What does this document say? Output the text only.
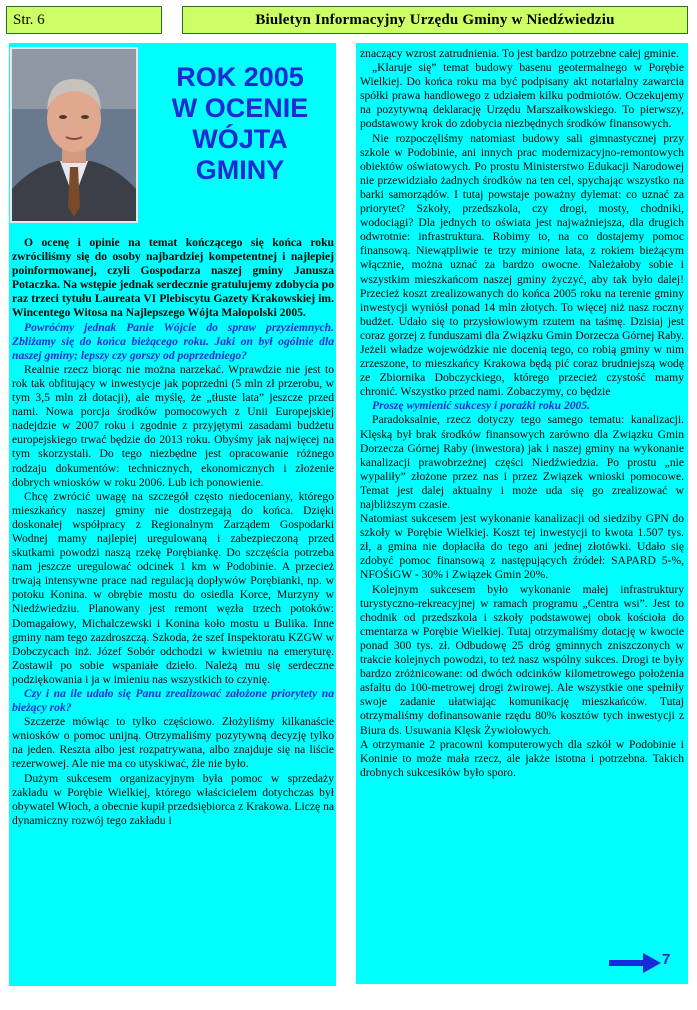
Str. 6	Biuletyn Informacyjny Urzędu Gminy w Niedźwiedziu
ROK 2005
W OCENIE
WÓJTA
GMINY

O ocenę i opinie na temat kończącego się końca roku zwróciliśmy się do osoby najbardziej kompetentnej i najlepiej poinformowanej, czyli Gospodarza naszej gminy Janusza Potaczka. Na wstępie jednak serdecznie gratulujemy zdobycia po raz trzeci tytułu Laureata VI Plebiscytu Gazety Krakowskiej im. Wincentego Witosa na Najlepszego Wójta Małopolski 2005.

Powróćmy jednak Panie Wójcie do spraw przyziemnych. Zbliżamy się do końca bieżącego roku. Jaki on był ogólnie dla naszej gminy; lepszy czy gorszy od poprzedniego?

Realnie rzecz biorąc nie można narzekać. Wprawdzie nie jest to rok tak obfitujący w inwestycje jak poprzedni (5 mln zł przerobu, w tym 3,5 mln zł dotacji), ale myślę, że „tłuste lata” jeszcze przed nami. Nowa porcja środków pomocowych z Unii Europejskiej nadejdzie w 2007 roku i zgodnie z przyjętymi zasadami budżetu europejskiego trwać będzie do 2013 roku. Obyśmy jak najwięcej na tym skorzystali. Do tego niezbędne jest opracowanie różnego rodzaju dokumentów: technicznych, ekonomicznych i złożenie dobrych wniosków w roku 2006. Lub ich ponowienie.

Chcę zwrócić uwagę na szczegół często niedoceniany, którego mieszkańcy naszej gminy nie dostrzegają do końca. Dzięki doskonałej współpracy z Regionalnym Zarządem Gospodarki Wodnej mamy najlepiej uregulowaną i zabezpieczoną przed skutkami powodzi naszą rzekę Porębiankę. Do szczęścia potrzeba nam jeszcze uregulować odcinek 1 km w Podobinie. A przecież trwają intensywne prace nad regulacją dopływów Porębianki, np. w potoku Konina. w obrębie mostu do osiedla Korce, Murzyny w Niedźwiedziu. Planowany jest remont węzła trzech potoków: Domagałowy, Michalczewski i Konina koło mostu u Bulika. Inne gminy nam tego zazdroszczą. Szkoda, że szef Inspektoratu KZGW w Dobczycach inż. Józef Sobór odchodzi w kwietniu na emeryturę. Zostawił po sobie wspaniałe dzieło. Należą mu się serdeczne podziękowania i ja w imieniu nas wszystkich to czynię.

Czy i na ile udało się Panu zrealizować założone priorytety na bieżący rok?

Szczerze mówiąc to tylko częściowo. Złożyliśmy kilkanaście wniosków o pomoc unijną. Otrzymaliśmy pozytywną decyzję tylko na jeden. Reszta albo jest rozpatrywana, albo znajduje się na liście rezerwowej. Ale nie ma co utyskiwać, źle nie było.

Dużym sukcesem organizacyjnym była pomoc w sprzedaży zakładu w Porębie Wielkiej, którego właścicielem dotychczas był obywatel Włoch, a obecnie kupił przedsiębiorca z Krakowa. Liczę na dynamiczny rozwój tego zakładu i

znaczący wzrost zatrudnienia. To jest bardzo potrzebne całej gminie.

„Klaruje się” temat budowy basenu geotermalnego w Porębie Wielkiej. Do końca roku ma być podpisany akt notarialny zawarcia spółki prawa handlowego z udziałem kilku podmiotów. Oczekujemy na pozytywną deklarację Urzędu Marszałkowskiego. To pierwszy, podstawowy krok do zdobycia niezbędnych środków finansowych.

Nie rozpoczęliśmy natomiast budowy sali gimnastycznej przy szkole w Podobinie, ani innych prac modernizacyjno-remontowych obiektów oświatowych. Po prostu Ministerstwo Edukacji Narodowej nie przewidziało żadnych środków na ten cel, spychając wszystko na barki samorządów. I tutaj powstaje poważny dylemat: co uznać za priorytet? Szkoły, przedszkola, czy drogi, mosty, chodniki, wodociągi? Dla jednych to oświata jest najważniejsza, dla drugich odwrotnie: infrastruktura. Robimy to, na co dostajemy pomoc finansową. Niewątpliwie te trzy minione lata, z rokiem bieżącym włącznie, można uznać za bardzo owocne. Należałoby sobie i wszystkim mieszkańcom naszej gminy życzyć, aby tak było dalej! Przecież koszt zrealizowanych do końca 2005 roku na terenie gminy inwestycji wyniósł ponad 14 mln złotych. To więcej niż nasz roczny budżet. Udało się to przysłowiowym rzutem na taśmę. Dzisiaj jest coraz gorzej z funduszami dla Związku Gmin Dorzecza Górnej Raby. Jeżeli władze wojewódzkie nie docenią tego, co robią gminy w nim zrzeszone, to mieszkańcy Krakowa będą pić coraz brudniejszą wodę ze Zbiornika Dobczyckiego, którego przecież czystość mamy chronić. Wszystko przed nami. Zobaczymy, co będzie

Proszę wymienić sukcesy i porażki roku 2005.

Paradoksalnie, rzecz dotyczy tego samego tematu: kanalizacji. Klęską był brak środków finansowych zarówno dla Związku Gmin Dorzecza Górnej Raby (inwestora) jak i naszej gminy na wykonanie kanalizacji prawobrzeżnej części Niedźwiedzia. Po prostu „nie wypaliły” złożone przez nas i przez Związek wnioski pomocowe. Temat jest dalej aktualny i może uda się go zrealizować w najbliższym czasie.

Natomiast sukcesem jest wykonanie kanalizacji od siedziby GPN do szkoły w Porębie Wielkiej. Koszt tej inwestycji to kwota 1.507 tys. zł, a gmina nie dopłaciła do tego ani jednej złotówki. Udało się zdobyć pomoc finansową z następujących źródeł: SAPARD 5-%, NFOŚiGW - 30% i Związek Gmin 20%.

Kolejnym sukcesem było wykonanie małej infrastruktury turystyczno-rekreacyjnej w ramach programu „Centra wsi”. Jest to chodnik od przedszkola i szkoły podstawowej obok kościoła do cmentarza w Porębie Wielkiej. Tutaj otrzymaliśmy dotację w kwocie ponad 300 tys. zł. Odbudowę 25 dróg gminnych zniszczonych w trakcie kolejnych powodzi, to też nasz wspólny sukces. Drogi te były bardzo zróżnicowane: od dwóch odcinków kilometrowego położenia asfaltu do 100-metrowej drogi żwirowej. Ale wszystkie one spełniły swoje zadanie ułatwiając komunikację mieszkańców. Tutaj otrzymaliśmy dofinansowanie rzędu 80% kosztów tych inwestycji z Biura ds. Usuwania Klęsk Żywiołowych.

A otrzymanie 2 pracowni komputerowych dla szkół w Podobinie i Koninie to może mała rzecz, ale jakże istotna i potrzebna. Takich drobnych sukcesików było sporo.

7
